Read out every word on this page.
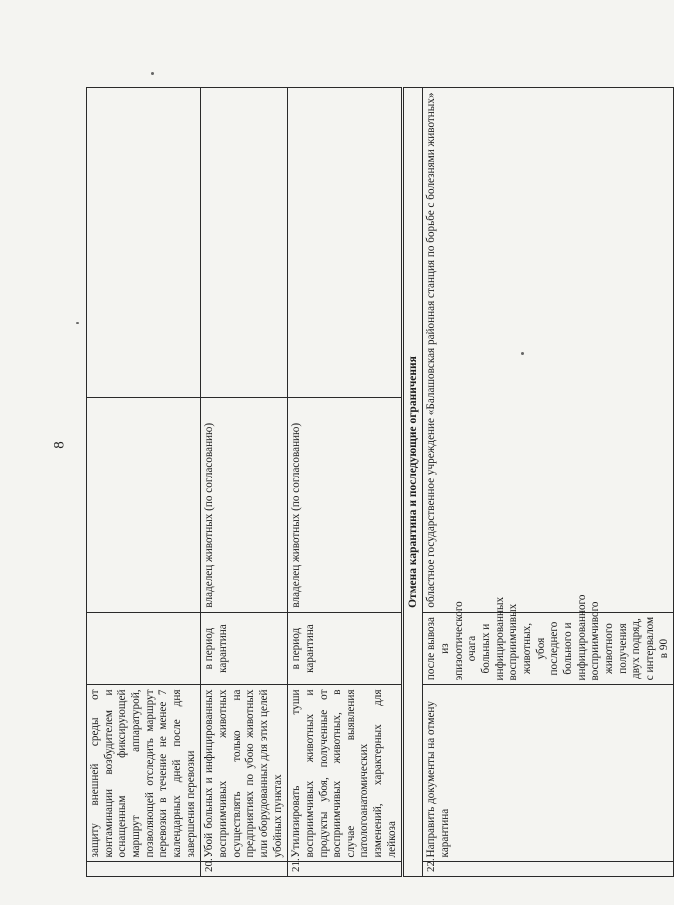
8
	защиту внешней среды от контаминации возбудителем и оснащенным фиксирующей маршрут аппаратурой, позволяющей отследить маршрут перевозки в течение не менее 7 календарных дней после дня завершения перевозки			
20.	Убой больных и инфицированных восприимчивых животных осуществлять только на предприятиях по убою животных или оборудованных для этих целей убойных пунктах	в период карантина	владелец животных (по согласованию)	
21.	Утилизировать туши восприимчивых животных и продукты убоя, полученные от восприимчивых животных, в случае выявления патологоанатомических изменений, характерных для лейкоза	в период карантина	владелец животных (по согласованию)	
Отмена карантина и последующие ограничения				
22.	Направить документы на отмену карантина	после вывоза из эпизоотического очага больных и инфицированных восприимчивых животных, убоя последнего больного и инфицированного восприимчивого животного получения двух подряд, с интервалом в 90	областное государственное учреждение «Балашовская районная станция по борьбе с болезнями животных»	
